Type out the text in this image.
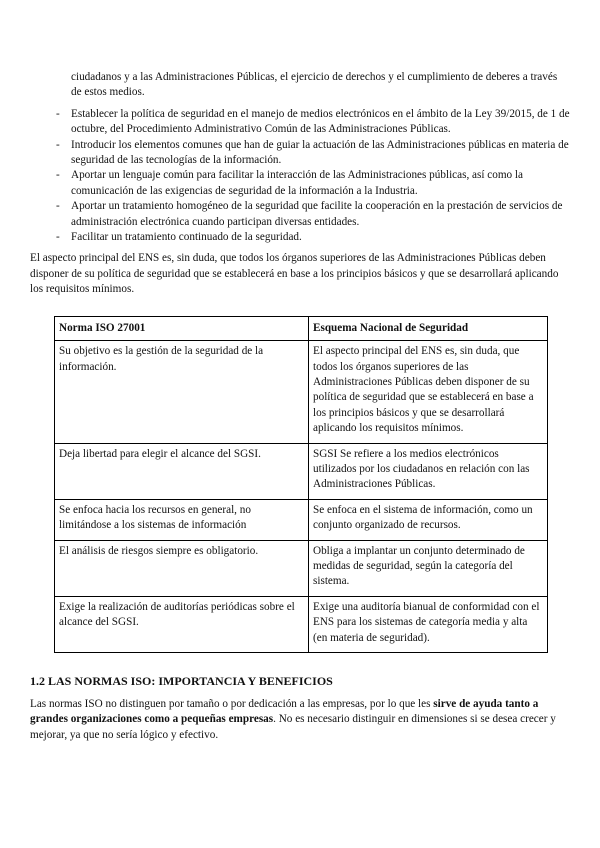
ciudadanos y a las Administraciones Públicas, el ejercicio de derechos y el cumplimiento de deberes a través de estos medios.

- Establecer la política de seguridad en el manejo de medios electrónicos en el ámbito de la Ley 39/2015, de 1 de octubre, del Procedimiento Administrativo Común de las Administraciones Públicas.
- Introducir los elementos comunes que han de guiar la actuación de las Administraciones públicas en materia de seguridad de las tecnologías de la información.
- Aportar un lenguaje común para facilitar la interacción de las Administraciones públicas, así como la comunicación de las exigencias de seguridad de la información a la Industria.
- Aportar un tratamiento homogéneo de la seguridad que facilite la cooperación en la prestación de servicios de administración electrónica cuando participan diversas entidades.
- Facilitar un tratamiento continuado de la seguridad.

El aspecto principal del ENS es, sin duda, que todos los órganos superiores de las Administraciones Públicas deben disponer de su política de seguridad que se establecerá en base a los principios básicos y que se desarrollará aplicando los requisitos mínimos.

Norma ISO 27001	Esquema Nacional de Seguridad
Su objetivo es la gestión de la seguridad de la información.	El aspecto principal del ENS es, sin duda, que todos los órganos superiores de las Administraciones Públicas deben disponer de su política de seguridad que se establecerá en base a los principios básicos y que se desarrollará aplicando los requisitos mínimos.
Deja libertad para elegir el alcance del SGSI.	SGSI Se refiere a los medios electrónicos utilizados por los ciudadanos en relación con las Administraciones Públicas.
Se enfoca hacia los recursos en general, no limitándose a los sistemas de información	Se enfoca en el sistema de información, como un conjunto organizado de recursos.
El análisis de riesgos siempre es obligatorio.	Obliga a implantar un conjunto determinado de medidas de seguridad, según la categoría del sistema.
Exige la realización de auditorías periódicas sobre el alcance del SGSI.	Exige una auditoría bianual de conformidad con el ENS para los sistemas de categoría media y alta (en materia de seguridad).
1.2 LAS NORMAS ISO: IMPORTANCIA Y BENEFICIOS

Las normas ISO no distinguen por tamaño o por dedicación a las empresas, por lo que les sirve de ayuda tanto a grandes organizaciones como a pequeñas empresas. No es necesario distinguir en dimensiones si se desea crecer y mejorar, ya que no sería lógico y efectivo.
